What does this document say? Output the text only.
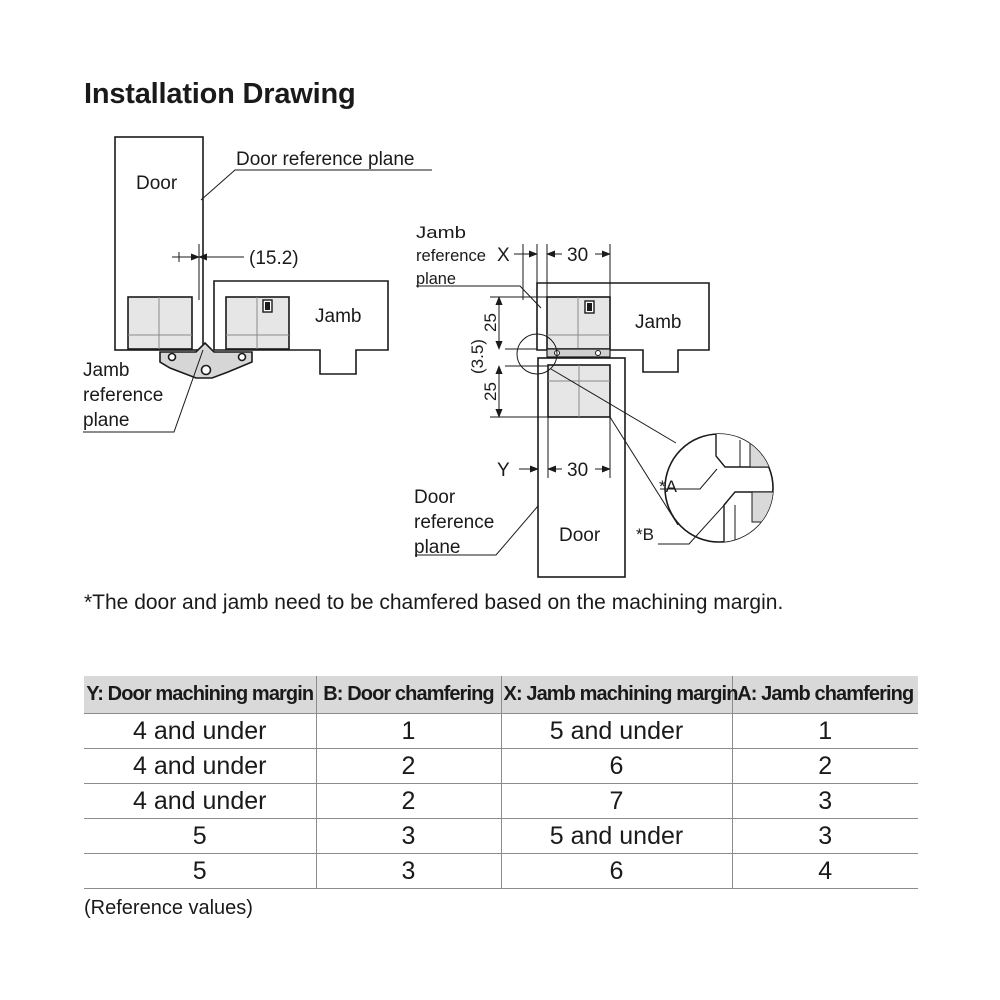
Installation Drawing
Door
Jamb
Door reference plane
(15.2)
Jamb
reference
plane
Jamb
reference
plane
X	30
Jamb
25
(3.5)
25
Y	30
Door
reference
plane
Door
*A
*B
*The door and jamb need to be chamfered based on the machining margin.
Y: Door machining margin	B: Door chamfering	X: Jamb machining margin	A: Jamb chamfering
4 and under	1	5 and under	1
4 and under	2	6	2
4 and under	2	7	3
5	3	5 and under	3
5	3	6	4
(Reference values)
